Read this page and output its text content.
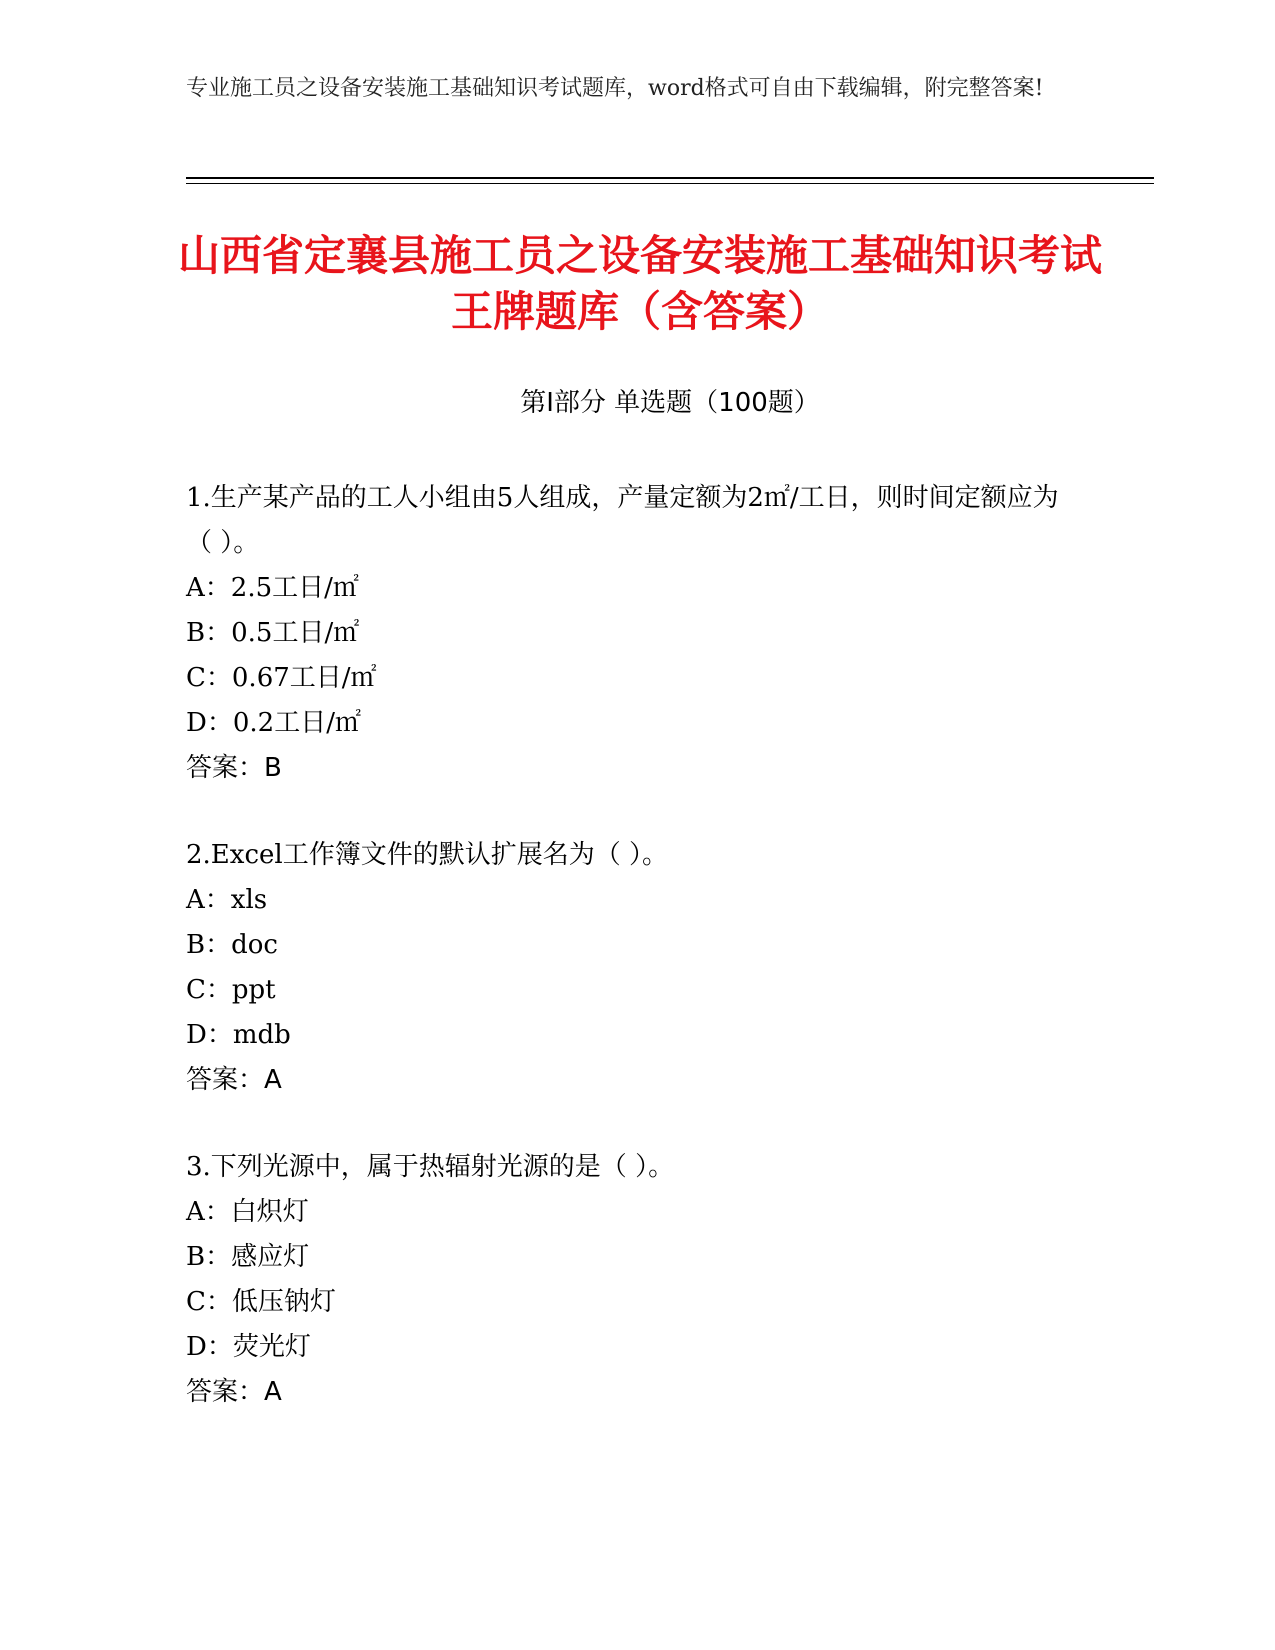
专业施工员之设备安装施工基础知识考试题库，word格式可自由下载编辑，附完整答案!
山西省定襄县施工员之设备安装施工基础知识考试王牌题库（含答案）
第I部分 单选题（100题）

1.生产某产品的工人小组由5人组成，产量定额为2㎡/工日，则时间定额应为（ ）。

A：2.5工日/㎡

B：0.5工日/㎡

C：0.67工日/㎡

D：0.2工日/㎡

答案：B

2.Excel工作簿文件的默认扩展名为（ ）。

A：xls

B：doc

C：ppt

D：mdb

答案：A

3.下列光源中，属于热辐射光源的是（ ）。

A：白炽灯

B：感应灯

C：低压钠灯

D：荧光灯

答案：A
